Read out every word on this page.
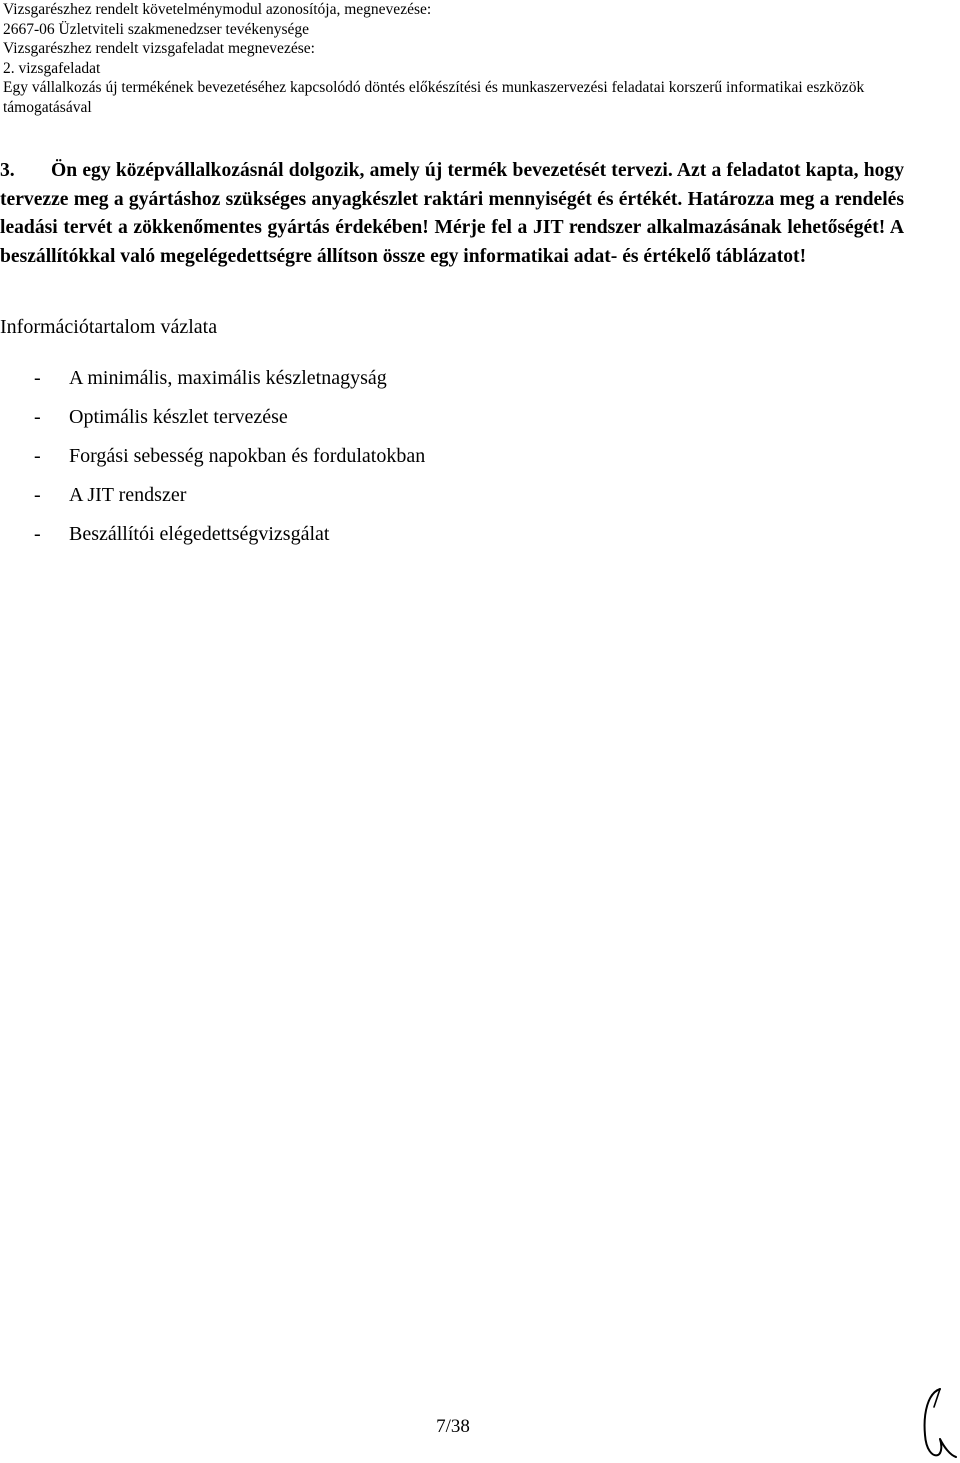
Vizsgarészhez rendelt követelménymodul azonosítója, megnevezése:
2667-06 Üzletviteli szakmenedzser tevékenysége
Vizsgarészhez rendelt vizsgafeladat megnevezése:
2. vizsgafeladat
Egy vállalkozás új termékének bevezetéséhez kapcsolódó döntés előkészítési és munkaszervezési feladatai korszerű informatikai eszközök támogatásával
3. Ön egy középvállalkozásnál dolgozik, amely új termék bevezetését tervezi. Azt a feladatot kapta, hogy tervezze meg a gyártáshoz szükséges anyagkészlet raktári mennyiségét és értékét. Határozza meg a rendelés leadási tervét a zökkenőmentes gyártás érdekében! Mérje fel a JIT rendszer alkalmazásának lehetőségét! A beszállítókkal való megelégedettségre állítson össze egy informatikai adat- és értékelő táblázatot!
Információtartalom vázlata
- A minimális, maximális készletnagyság
- Optimális készlet tervezése
- Forgási sebesség napokban és fordulatokban
- A JIT rendszer
- Beszállítói elégedettségvizsgálat
7/38
